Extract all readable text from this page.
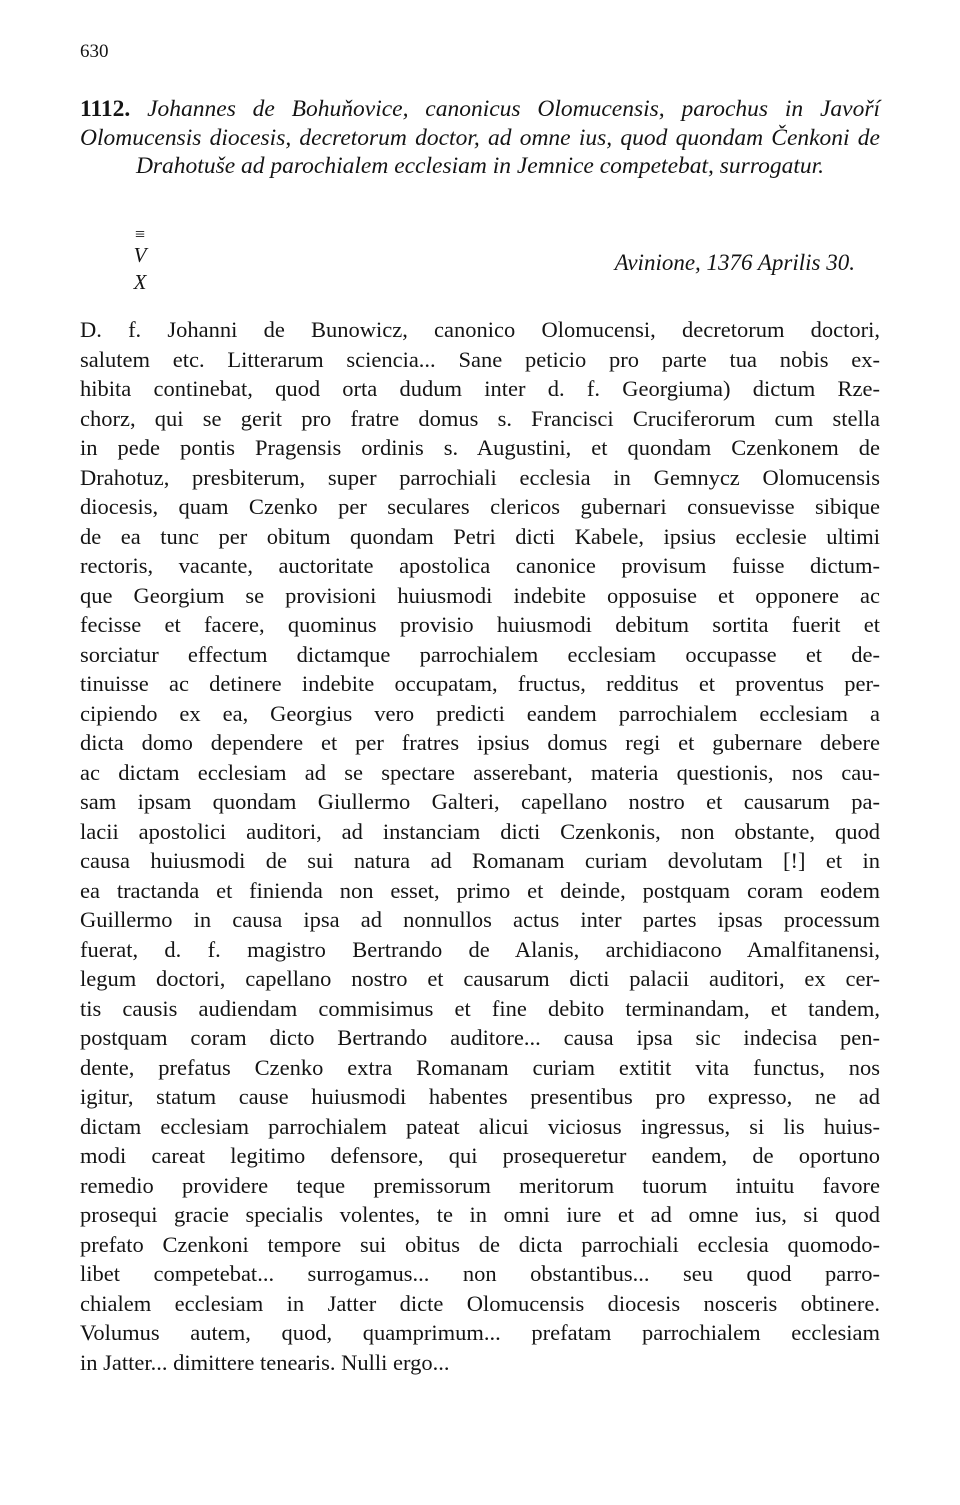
630

1112. Johannes de Bohuňovice, canonicus Olomucensis, parochus in Javoří Olomucensis diocesis, decretorum doctor, ad omne ius, quod quondam Čenkoni de Drahotuše ad parochialem ecclesiam in Jemnice competebat, surrogatur.

≡
V
X
Avinione, 1376 Aprilis 30.
D. f. Johanni de Bunowicz, canonico Olomucensi, decretorum doctori,
salutem etc. Litterarum sciencia... Sane peticio pro parte tua nobis ex-
hibita continebat, quod orta dudum inter d. f. Georgiuma) dictum Rze-
chorz, qui se gerit pro fratre domus s. Francisci Cruciferorum cum stella
in pede pontis Pragensis ordinis s. Augustini, et quondam Czenkonem de
Drahotuz, presbiterum, super parrochiali ecclesia in Gemnycz Olomucensis
diocesis, quam Czenko per seculares clericos gubernari consuevisse sibique
de ea tunc per obitum quondam Petri dicti Kabele, ipsius ecclesie ultimi
rectoris, vacante, auctoritate apostolica canonice provisum fuisse dictum-
que Georgium se provisioni huiusmodi indebite opposuise et opponere ac
fecisse et facere, quominus provisio huiusmodi debitum sortita fuerit et
sorciatur effectum dictamque parrochialem ecclesiam occupasse et de-
tinuisse ac detinere indebite occupatam, fructus, redditus et proventus per-
cipiendo ex ea, Georgius vero predicti eandem parrochialem ecclesiam a
dicta domo dependere et per fratres ipsius domus regi et gubernare debere
ac dictam ecclesiam ad se spectare asserebant, materia questionis, nos cau-
sam ipsam quondam Giullermo Galteri, capellano nostro et causarum pa-
lacii apostolici auditori, ad instanciam dicti Czenkonis, non obstante, quod
causa huiusmodi de sui natura ad Romanam curiam devolutam [!] et in
ea tractanda et finienda non esset, primo et deinde, postquam coram eodem
Guillermo in causa ipsa ad nonnullos actus inter partes ipsas processum
fuerat, d. f. magistro Bertrando de Alanis, archidiacono Amalfitanensi,
legum doctori, capellano nostro et causarum dicti palacii auditori, ex cer-
tis causis audiendam commisimus et fine debito terminandam, et tandem,
postquam coram dicto Bertrando auditore... causa ipsa sic indecisa pen-
dente, prefatus Czenko extra Romanam curiam extitit vita functus, nos
igitur, statum cause huiusmodi habentes presentibus pro expresso, ne ad
dictam ecclesiam parrochialem pateat alicui viciosus ingressus, si lis huius-
modi careat legitimo defensore, qui prosequeretur eandem, de oportuno
remedio providere teque premissorum meritorum tuorum intuitu favore
prosequi gracie specialis volentes, te in omni iure et ad omne ius, si quod
prefato Czenkoni tempore sui obitus de dicta parrochiali ecclesia quomodo-
libet competebat... surrogamus... non obstantibus... seu quod parro-
chialem ecclesiam in Jatter dicte Olomucensis diocesis nosceris obtinere.
Volumus autem, quod, quamprimum... prefatam parrochialem ecclesiam
in Jatter... dimittere tenearis. Nulli ergo...
